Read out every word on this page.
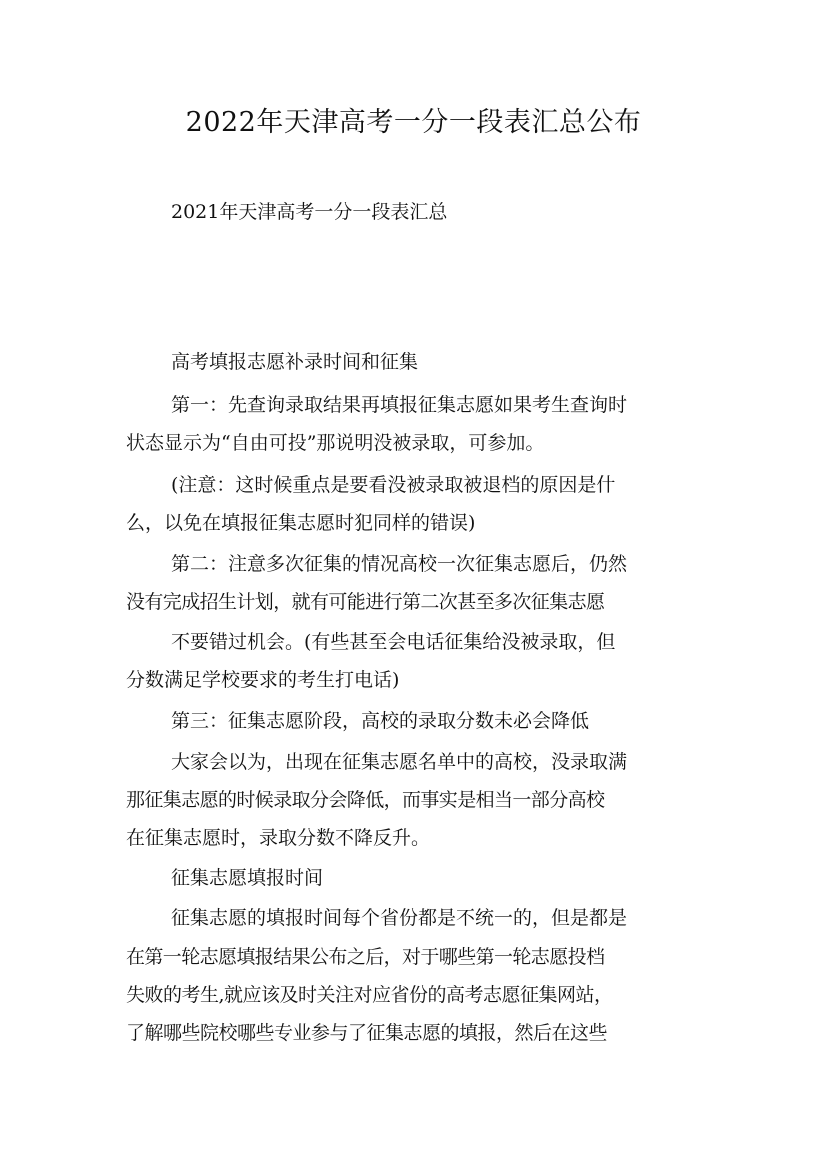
2022年天津高考一分一段表汇总公布

2021年天津高考一分一段表汇总

高考填报志愿补录时间和征集

第一：先查询录取结果再填报征集志愿如果考生查询时

状态显示为“自由可投”那说明没被录取，可参加。

(注意：这时候重点是要看没被录取被退档的原因是什

么，以免在填报征集志愿时犯同样的错误)

第二：注意多次征集的情况高校一次征集志愿后，仍然

没有完成招生计划，就有可能进行第二次甚至多次征集志愿

不要错过机会。(有些甚至会电话征集给没被录取，但

分数满足学校要求的考生打电话)

第三：征集志愿阶段，高校的录取分数未必会降低

大家会以为，出现在征集志愿名单中的高校，没录取满

那征集志愿的时候录取分会降低，而事实是相当一部分高校

在征集志愿时，录取分数不降反升。

征集志愿填报时间

征集志愿的填报时间每个省份都是不统一的，但是都是

在第一轮志愿填报结果公布之后，对于哪些第一轮志愿投档

失败的考生,就应该及时关注对应省份的高考志愿征集网站，

了解哪些院校哪些专业参与了征集志愿的填报，然后在这些
